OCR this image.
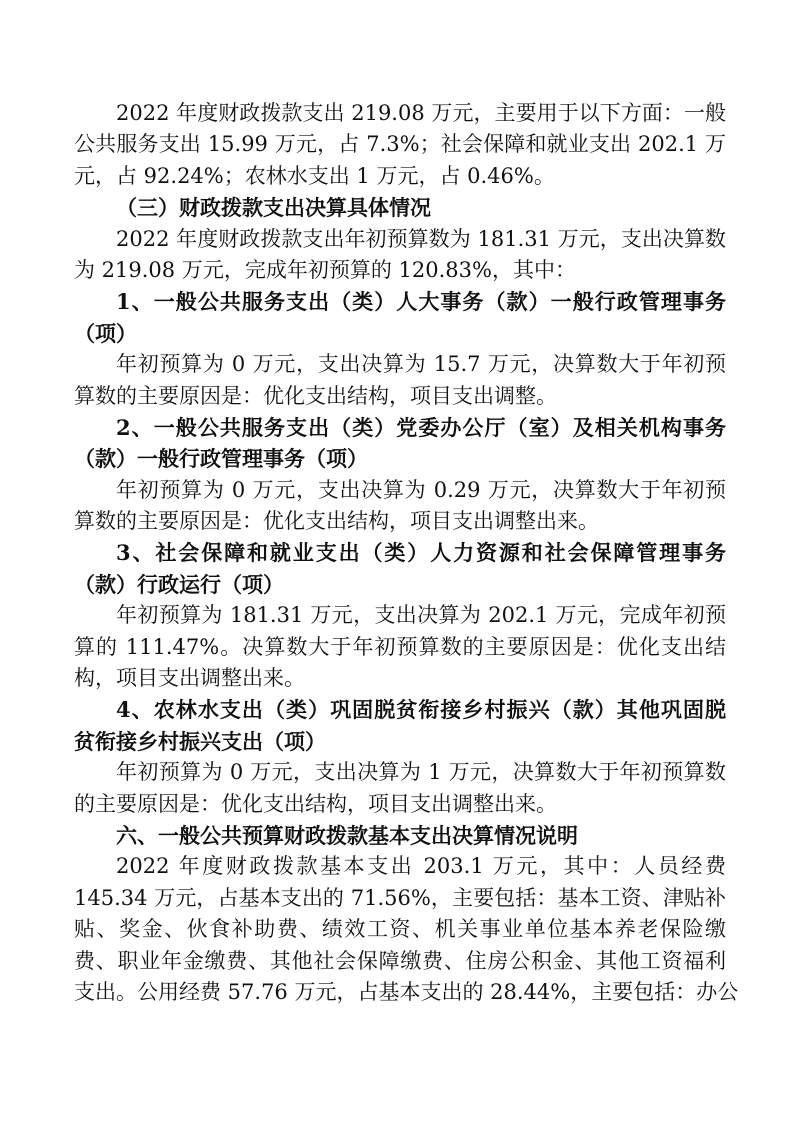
2022 年度财政拨款支出 219.08 万元，主要用于以下方面：一般
公共服务支出 15.99 万元，占 7.3%；社会保障和就业支出 202.1 万
元，占 92.24%；农林水支出 1 万元，占 0.46%。
（三）财政拨款支出决算具体情况
2022 年度财政拨款支出年初预算数为 181.31 万元，支出决算数
为 219.08 万元，完成年初预算的 120.83%，其中：
1、一般公共服务支出（类）人大事务（款）一般行政管理事务
（项）
年初预算为 0 万元，支出决算为 15.7 万元，决算数大于年初预
算数的主要原因是：优化支出结构，项目支出调整。
2、一般公共服务支出（类）党委办公厅（室）及相关机构事务
（款）一般行政管理事务（项）
年初预算为 0 万元，支出决算为 0.29 万元，决算数大于年初预
算数的主要原因是：优化支出结构，项目支出调整出来。
3、社会保障和就业支出（类）人力资源和社会保障管理事务
（款）行政运行（项）
年初预算为 181.31 万元，支出决算为 202.1 万元，完成年初预
算的 111.47%。决算数大于年初预算数的主要原因是：优化支出结
构，项目支出调整出来。
4、农林水支出（类）巩固脱贫衔接乡村振兴（款）其他巩固脱
贫衔接乡村振兴支出（项）
年初预算为 0 万元，支出决算为 1 万元，决算数大于年初预算数
的主要原因是：优化支出结构，项目支出调整出来。
六、一般公共预算财政拨款基本支出决算情况说明
2022 年度财政拨款基本支出 203.1 万元，其中：人员经费
145.34 万元，占基本支出的 71.56%，主要包括：基本工资、津贴补
贴、奖金、伙食补助费、绩效工资、机关事业单位基本养老保险缴
费、职业年金缴费、其他社会保障缴费、住房公积金、其他工资福利
支出。公用经费 57.76 万元，占基本支出的 28.44%，主要包括：办公
